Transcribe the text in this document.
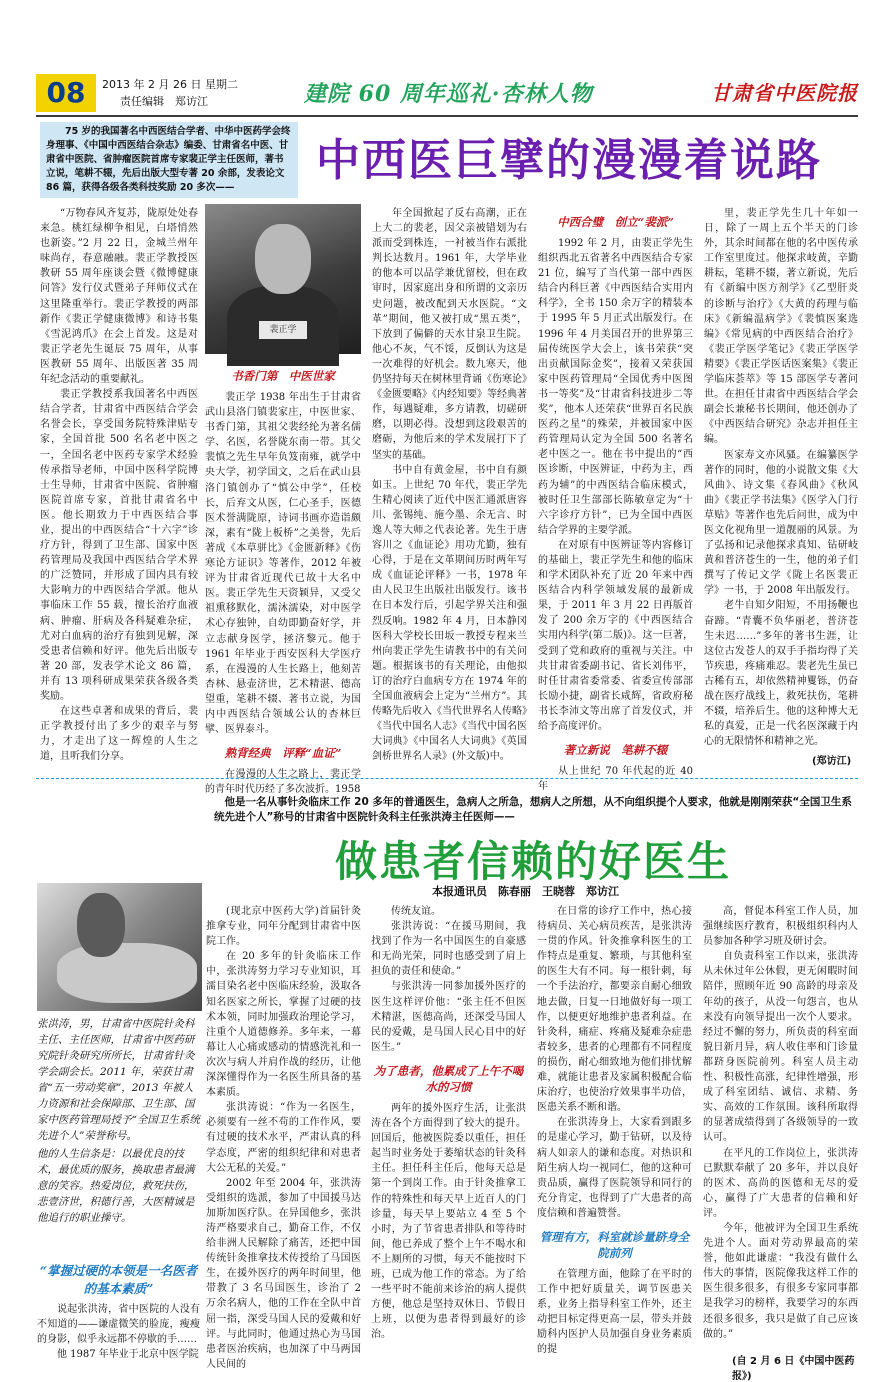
08	2013 年 2 月 26 日 星期二
责任编辑　郑访江	建院 60 周年巡礼·杏林人物	甘肃省中医院报
75 岁的我国著名中西医结合学者、中华中医药学会终身理事、《中国中西医结合杂志》编委、甘肃省名中医、甘肃省中医院、省肿瘤医院首席专家裴正学主任医师，著书立说，笔耕不辍，先后出版大型专著 20 余部，发表论文 86 篇，获得各级各类科技奖励 20 多次——
中西医巨擘的漫漫着说路

“万物春风齐复苏，陇原处处春来急。桃红绿柳争相见，白塔悄然也新姿。”2 月 22 日，金城兰州年味尚存，春意融融。裴正学教授医教研 55 周年座谈会暨《微博健康问答》发行仪式暨弟子拜师仪式在这里隆重举行。裴正学教授的两部新作《裴正学健康微博》和诗书集《雪泥鸿爪》在会上首发。这是对裴正学老先生诞辰 75 周年，从事医教研 55 周年、出版医著 35 周年纪念活动的重要献礼。

裴正学教授系我国著名中西医结合学者，甘肃省中西医结合学会名誉会长，享受国务院特殊津贴专家，全国首批 500 名名老中医之一，全国名老中医药专家学术经验传承指导老师，中国中医科学院博士生导师，甘肃省中医院、省肿瘤医院首席专家，首批甘肃省名中医。他长期致力于中西医结合事业，提出的中西医结合“十六字”诊疗方针，得到了卫生部、国家中医药管理局及我国中西医结合学术界的广泛赞同，并形成了国内具有较大影响力的中西医结合学派。他从事临床工作 55 载，擅长治疗血液病、肿瘤、肝病及各科疑难杂症，尤对白血病的治疗有独到见解，深受患者信赖和好评。他先后出版专著 20 部，发表学术论文 86 篇，并有 13 项科研成果荣获各级各类奖励。

在这些卓著和成果的背后，裴正学教授付出了多少的艰辛与努力，才走出了这一辉煌的人生之道，且听我们分享。

裴正学

书香门第　中医世家

裴正学 1938 年出生于甘肃省武山县洛门镇裴家庄，中医世家、书香门第，其祖父裴经纶为著名儒学、名医，名誉陇东南一带。其父裴慎之先生早年负笈南雍，就学中央大学，初学国文，之后在武山县洛门镇创办了“慎公中学”，任校长，后弃文从医，仁心圣手，医德医术誉满陇原，诗词书画亦造诣颇深，素有“陇上板桥”之美誉，先后著成《本草骈比》《金匮新释》《伤寒论方证识》等著作，2012 年被评为甘肃省近现代已故十大名中医。裴正学先生天资颖异，又受父祖熏移默化，濡沐濡染，对中医学术心存独钟，自幼即勤奋好学，并立志献身医学，拯济黎元。他于 1961 年毕业于西安医科大学医疗系，在漫漫的人生长路上，他刻苦杏林、悬壶济世，艺术精湛、德高望重，笔耕不辍、著书立说，为国内中西医结合领域公认的杏林巨擘、医界泰斗。

熟背经典　评释“血证”

在漫漫的人生之路上，裴正学的青年时代历经了多次波折。1958

年全国掀起了反右高潮，正在上大二的裴老，因父亲被错划为右派而受到株连，一衬被当作右派批判长达数月。1961 年，大学毕业的他本可以品学兼优留校，但在政审时，因家庭出身和所谓的文亲历史问题，被改配到天水医院。“文革”期间，他又被打成“黑五类”，下放到了偏僻的天水甘泉卫生院。他心不灰，气不馁，反倒认为这是一次难得的好机会。数九寒天，他仍坚持每天在树林里背诵《伤寒论》《金匮要略》《内经知要》等经典著作，每遇疑难，多方请教，切磋研磨，以期必得。没想到这段艰苦的磨砺，为他后来的学术发展打下了坚实的基础。

书中自有黄金屋，书中自有颜如玉。上世纪 70 年代，裴正学先生精心阅读了近代中医汇通派唐容川、张锡纯、施今墨、余无言、时逸人等大师之代表论著。先生于唐容川之《血证论》用功尤勤，独有心得，于是在文革期间历时两年写成《血证论评释》一书，1978 年由人民卫生出版社出版发行。该书在日本发行后，引起学界关注和强烈反响。1982 年 4 月，日本静冈医科大学校长田坂一教授专程来兰州向裴正学先生请教书中的有关问题。根据该书的有关理论，由他拟订的治疗白血病专方在 1974 年的全国血液病会上定为“兰州方”。其传略先后收入《当代世界名人传略》《当代中国名人志》《当代中国名医大词典》《中国名人大词典》《英国剑桥世界名人录》(外文版)中。

中西合璧　创立“裴派”

1992 年 2 月，由裴正学先生组织西北五省著名中西医结合专家 21 位，编写了当代第一部中西医结合内科巨著《中西医结合实用内科学》，全书 150 余万字的精装本于 1995 年 5 月正式出版发行。在 1996 年 4 月美国召开的世界第三届传统医学大会上，该书荣获“突出贡献国际金奖”，接着又荣获国家中医药管理局“全国优秀中医图书一等奖”及“甘肃省科技进步二等奖”，他本人还荣获“世界百名民族医药之星”的殊荣，并被国家中医药管理局认定为全国 500 名著名老中医之一。他在书中提出的“西医诊断，中医辨证，中药为主，西药为辅”的中西医结合临床模式，被时任卫生部部长陈敏章定为“十六字诊疗方针”，已为全国中西医结合学界的主要学派。

在对原有中医辨证等内容修订的基础上，裴正学先生和他的临床和学术团队补充了近 20 年来中西医结合内科学领域发展的最新成果，于 2011 年 3 月 22 日再版首发了 200 余万字的《中西医结合实用内科学(第二版)》。这一巨著，受到了党和政府的重视与关注。中共甘肃省委副书记、省长刘伟平，时任甘肃省委常委、省委宣传部部长励小捷，副省长咸辉，省政府秘书长李沛文等出席了首发仪式，并给予高度评价。

著立新说　笔耕不辍

从上世纪 70 年代起的近 40 年

里，裴正学先生几十年如一日，除了一周上五个半天的门诊外，其余时间都在他的名中医传承工作室里度过。他探求岐黄，辛勤耕耘，笔耕不辍，著立新说，先后有《新编中医方剂学》《乙型肝炎的诊断与治疗》《大黄的药理与临床》《新编温病学》《裴慎医案选编》《常见病的中西医结合治疗》《裴正学医学笔记》《裴正学医学精要》《裴正学医话医案集》《裴正学临床荟萃》等 15 部医学专著问世。在担任甘肃省中西医结合学会副会长兼秘书长期间，他还创办了《中西医结合研究》杂志并担任主编。

医家寿文亦风骚。在编纂医学著作的同时，他的小说散文集《大风曲》、诗文集《春风曲》《秋风曲》《裴正学书法集》《医学入门行草贴》等著作也先后问世，成为中医文化视角里一道靓丽的风景。为了弘扬和记录他探求真知、钻研岐黄和普济苍生的一生，他的弟子们撰写了传记文学《陇上名医裴正学》一书，于 2008 年出版发行。

老牛自知夕阳短，不用扬鞭也奋蹄。“青囊不负华丽老，普济苍生未迟……”多年的著书生涯，让这位古发苍人的双手手指均得了关节疾患，疼痛难忍。裴老先生虽已古稀有五，却依然精神矍铄，仍奋战在医疗战线上，救死扶伤，笔耕不辍，培养后生。他的这种博大无私的真爱，正是一代名医深藏于内心的无限情怀和精神之光。

(郑访江)
他是一名从事针灸临床工作 20 多年的普通医生，急病人之所急，想病人之所想，从不向组织提个人要求，他就是刚刚荣获“全国卫生系统先进个人”称号的甘肃省中医院针灸科主任张洪涛主任医师——
做患者信赖的好医生
本报通讯员　陈春丽　王晓蓉　郑访江
张洪涛，男，甘肃省中医院针灸科主任、主任医师，甘肃省中医药研究院针灸研究所所长，甘肃省针灸学会副会长。2011 年，荣获甘肃省“五一劳动奖章”，2013 年被人力资源和社会保障部、卫生部、国家中医药管理局授予“全国卫生系统先进个人”荣誉称号。
他的人生信条是：以最优良的技术，最优质的服务，换取患者最满意的笑容。热爱岗位，救死扶伤，悲壹济世，积德行善，大医精诚是他追行的职业操守。
“掌握过硬的本领是一名医者的基本素质”

说起张洪涛，省中医院的人没有不知道的——谦虚微笑的脸庞，瘦瘦的身影，似乎永远都不停歇的手……

他 1987 年毕业于北京中医学院

(现北京中医药大学)首届针灸推拿专业，同年分配到甘肃省中医院工作。

在 20 多年的针灸临床工作中，张洪涛努力学习专业知识，耳濡目染名老中医临床经验，汲取各知名医家之所长，掌握了过硬的技术本领，同时加强政治理论学习，注重个人道德修养。多年来，一幕幕让人心痛或感动的情感洗礼和一次次与病人并肩作战的经历，让他深深懂得作为一名医生所具备的基本素质。

张洪涛说：“作为一名医生，必须要有一丝不苟的工作作风，要有过硬的技术水平，严肃认真的科学态度，严密的组织纪律和对患者大公无私的关爱。”

2002 年至 2004 年，张洪涛受组织的选派，参加了中国援马达加斯加医疗队。在异国他乡，张洪涛严格要求自己，勤奋工作，不仅给非洲人民解除了痛苦，还把中国传统针灸推拿技术传授给了马国医生，在援外医疗的两年时间里，他带教了 3 名马国医生，诊治了 2 万余名病人，他的工作在全队中首屈一指，深受马国人民的爱戴和好评。与此同时，他通过热心为马国患者医治疾病，也加深了中马两国人民间的

传统友谊。

张洪涛说：“在援马期间，我找到了作为一名中国医生的自豪感和无尚光荣，同时也感受到了肩上担负的责任和使命。”

与张洪涛一同参加援外医疗的医生这样评价他：“张主任不但医术精湛，医德高尚，还深受马国人民的爱戴，是马国人民心目中的好医生。”

为了患者，他累成了上午不喝水的习惯

两年的援外医疗生活，让张洪涛在各个方面得到了较大的提升。回国后，他被医院委以重任，担任起当时业务处于萎缩状态的针灸科主任。担任科主任后，他每天总是第一个到岗工作。由于针灸推拿工作的特殊性和每天早上近百人的门诊量，每天早上要站立 4 至 5 个小时，为了节省患者排队和等待时间，他已养成了整个上午不喝水和不上厕所的习惯，每天不能按时下班，已成为他工作的常态。为了给一些平时不能前来诊治的病人提供方便，他总是坚持双休日、节假日上班，以便为患者得到最好的诊治。

在日常的诊疗工作中，热心接待病员、关心病员疾苦，是张洪涛一贯的作风。针灸推拿科医生的工作特点是重复、繁琐，与其他科室的医生大有不同。每一根针刺，每一个手法治疗，都要亲自耐心细致地去做，日复一日地做好每一项工作，以便更好地维护患者利益。在针灸科，痛症、疼痛及疑难杂症患者较多，患者的心理都有不同程度的损伤，耐心细致地为他们排忧解难，就能让患者及家属积极配合临床治疗，也使治疗效果事半功倍，医患关系不断和谐。

在张洪涛身上，大家看到跟多的是虚心学习，勤于钻研，以及待病人如亲人的谦和态度。对热识和陌生病人均一视同仁，他的这种可贵品质，赢得了医院领导和同行的充分肯定，也得到了广大患者的高度信赖和普遍赞誉。

管理有方，科室就诊量跻身全院前列

在管理方面，他除了在平时的工作中把好质量关，调节医患关系，业务上指导科室工作外，还主动把目标定得更高一层，带头并鼓励科内医护人员加强自身业务素质的提

高，督促本科室工作人员，加强继续医疗教育，积极组织科内人员参加各种学习班及研讨会。

自负责科室工作以来，张洪涛从未休过年公休假，更无闲暇时间陪伴，照顾年近 90 高龄的母亲及年幼的孩子，从没一句怨言，也从来没有向领导提出一次个人要求。经过不懈的努力，所负责的科室面貌日新月异，病人收住率和门诊量都跻身医院前列。科室人员主动性、积极性高涨，纪律性增强，形成了科室团结、诚信、求精、务实、高效的工作氛围。该科所取得的显著成绩得到了各级领导的一致认可。

在平凡的工作岗位上，张洪涛已默默奉献了 20 多年，并以良好的医术、高尚的医德和无尽的爱心，赢得了广大患者的信赖和好评。

今年，他被评为全国卫生系统先进个人。面对劳动界最高的荣誉，他如此谦虚：“我没有做什么伟大的事情，医院像我这样工作的医生很多很多，有很多专家同事都是我学习的榜样，我要学习的东西还很多很多，我只是做了自己应该做的。”

(自 2 月 6 日《中国中医药报》)
